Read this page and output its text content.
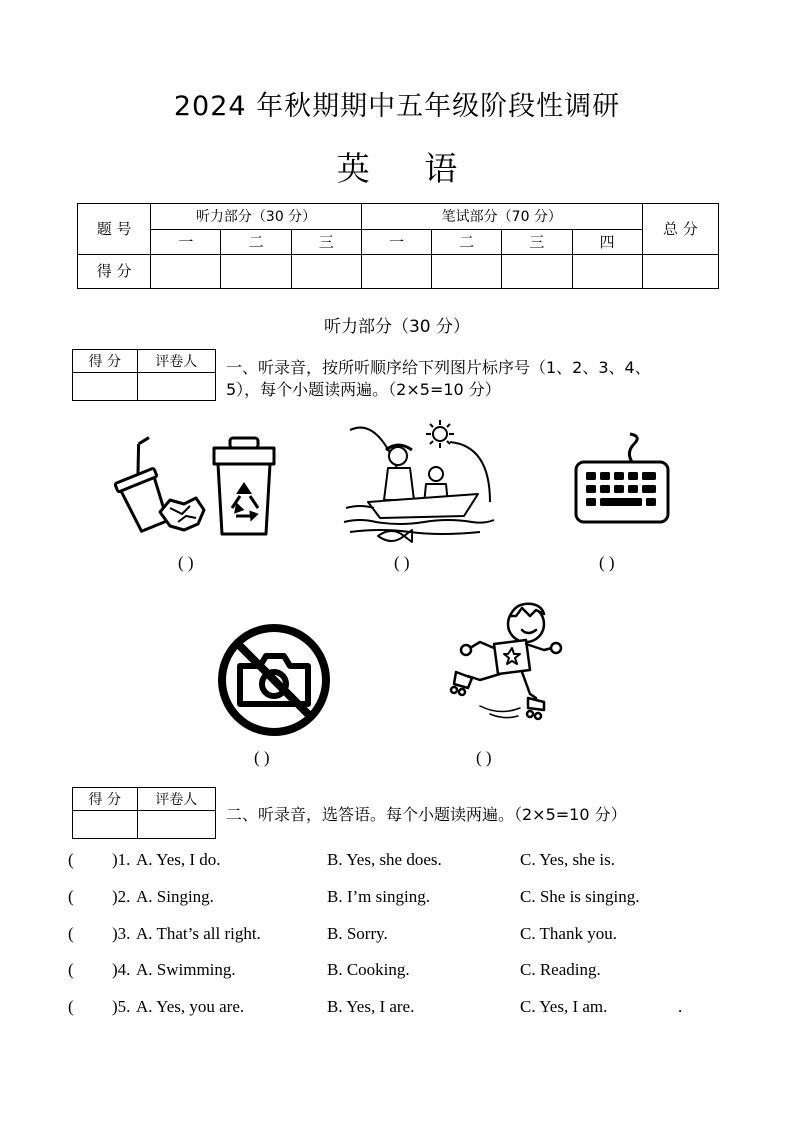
2024 年秋期期中五年级阶段性调研
英 语
题 号	听力部分（30 分）			笔试部分（70 分）				总 分
	一	二	三	一	二	三	四	
得 分								
听力部分（30 分）
得 分	评卷人
	一、听录音，按所听顺序给下列图片标序号（1、2、3、4、
5），每个小题读两遍。（2×5=10 分）
( )	( )	( )
( )	( )
得 分	评卷人

二、听录音，选答语。每个小题读两遍。（2×5=10 分）
( )1. A. Yes, I do.	B. Yes, she does.	C. Yes, she is.
( )2. A. Singing.	B. I’m singing.	C. She is singing.
( )3. A. That’s all right.	B. Sorry.	C. Thank you.
( )4. A. Swimming.	B. Cooking.	C. Reading.
( )5. A. Yes, you are.	B. Yes, I are.	C. Yes, I am.	.
